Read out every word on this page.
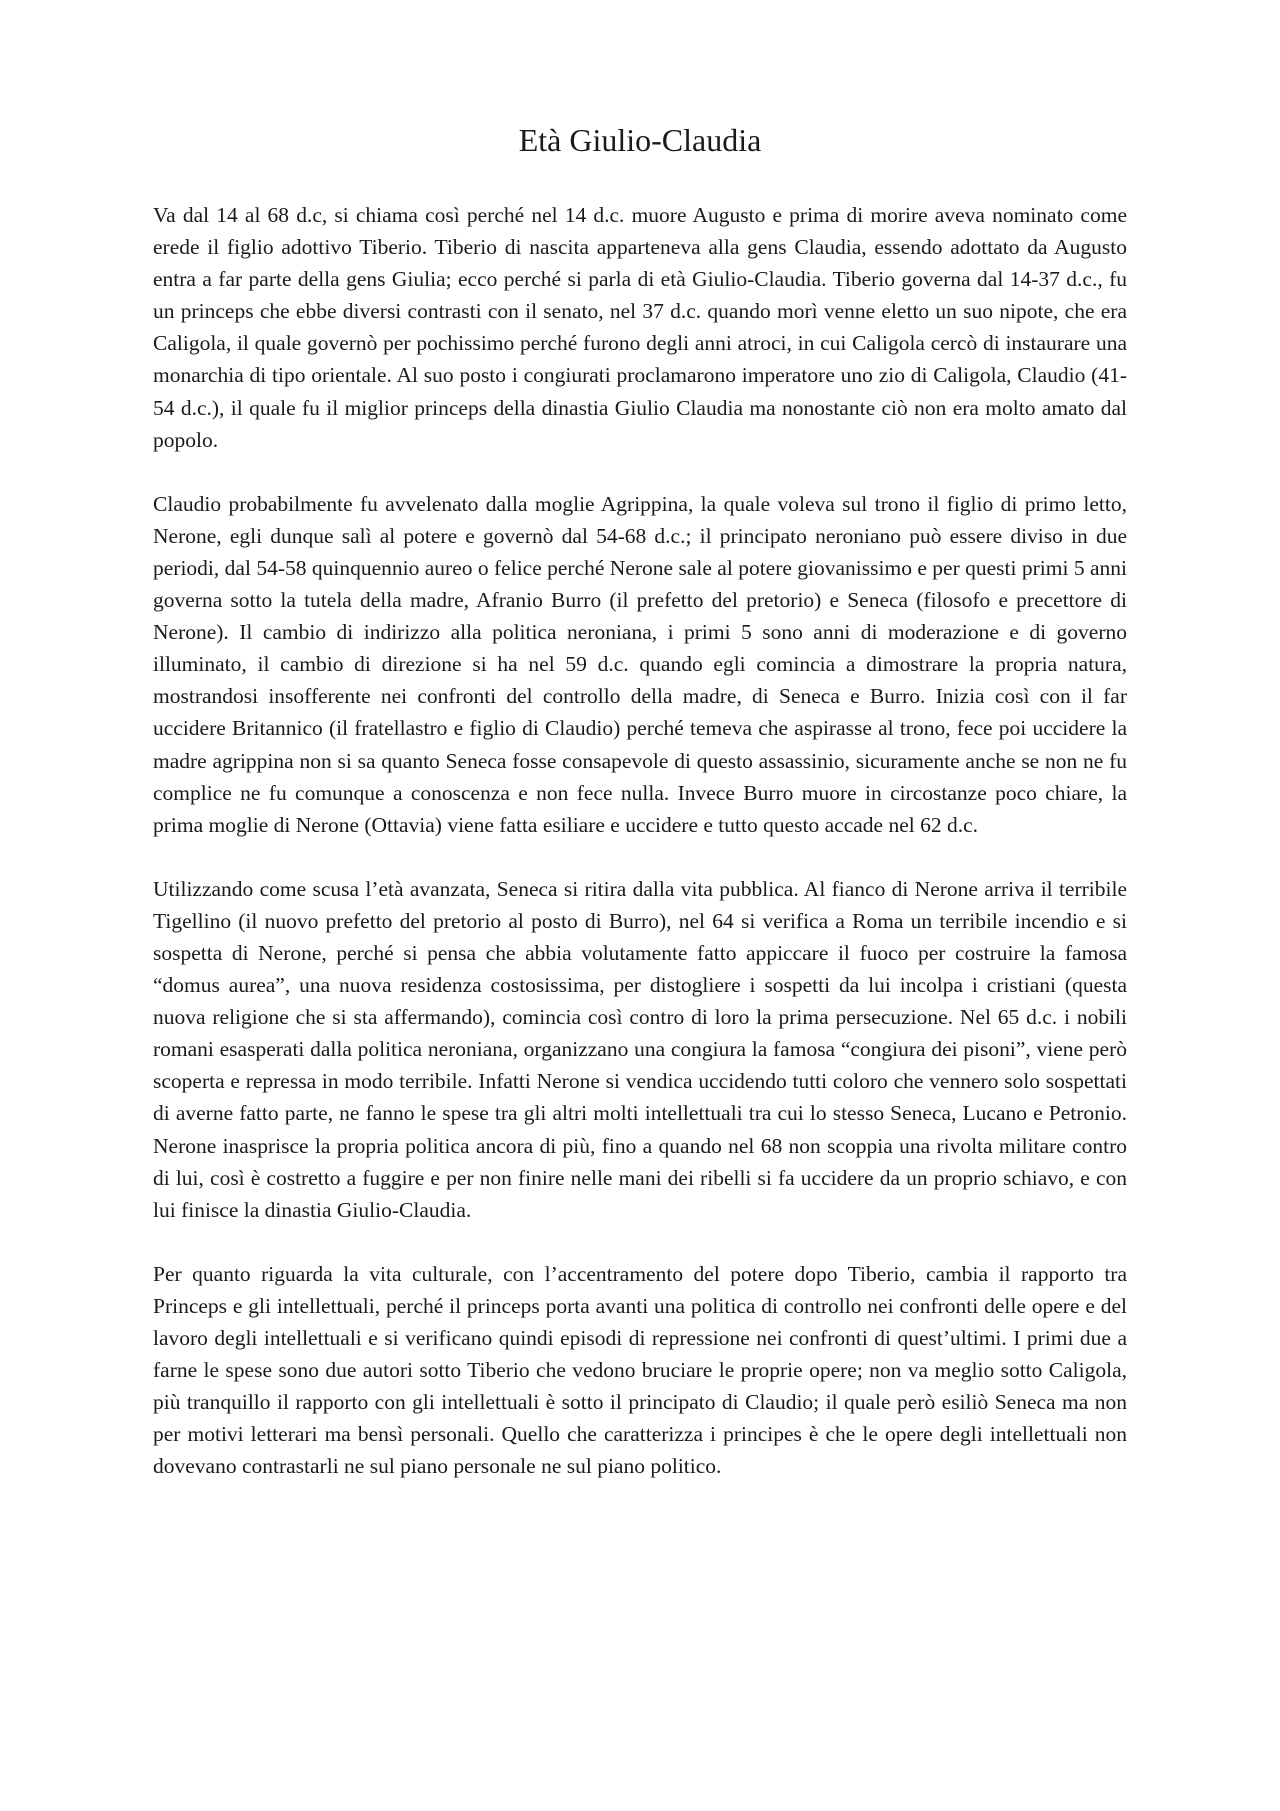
Età Giulio-Claudia

Va dal 14 al 68 d.c, si chiama così perché nel 14 d.c. muore Augusto e prima di morire aveva nominato come erede il figlio adottivo Tiberio. Tiberio di nascita apparteneva alla gens Claudia, essendo adottato da Augusto entra a far parte della gens Giulia; ecco perché si parla di età Giulio-Claudia. Tiberio governa dal 14-37 d.c., fu un princeps che ebbe diversi contrasti con il senato, nel 37 d.c. quando morì venne eletto un suo nipote, che era Caligola, il quale governò per pochissimo perché furono degli anni atroci, in cui Caligola cercò di instaurare una monarchia di tipo orientale. Al suo posto i congiurati proclamarono imperatore uno zio di Caligola, Claudio (41-54 d.c.), il quale fu il miglior princeps della dinastia Giulio Claudia ma nonostante ciò non era molto amato dal popolo.

Claudio probabilmente fu avvelenato dalla moglie Agrippina, la quale voleva sul trono il figlio di primo letto, Nerone, egli dunque salì al potere e governò dal 54-68 d.c.; il principato neroniano può essere diviso in due periodi, dal 54-58 quinquennio aureo o felice perché Nerone sale al potere giovanissimo e per questi primi 5 anni governa sotto la tutela della madre, Afranio Burro (il prefetto del pretorio) e Seneca (filosofo e precettore di Nerone). Il cambio di indirizzo alla politica neroniana, i primi 5 sono anni di moderazione e di governo illuminato, il cambio di direzione si ha nel 59 d.c. quando egli comincia a dimostrare la propria natura, mostrandosi insofferente nei confronti del controllo della madre, di Seneca e Burro. Inizia così con il far uccidere Britannico (il fratellastro e figlio di Claudio) perché temeva che aspirasse al trono, fece poi uccidere la madre agrippina non si sa quanto Seneca fosse consapevole di questo assassinio, sicuramente anche se non ne fu complice ne fu comunque a conoscenza e non fece nulla. Invece Burro muore in circostanze poco chiare, la prima moglie di Nerone (Ottavia) viene fatta esiliare e uccidere e tutto questo accade nel 62 d.c.

Utilizzando come scusa l’età avanzata, Seneca si ritira dalla vita pubblica. Al fianco di Nerone arriva il terribile Tigellino (il nuovo prefetto del pretorio al posto di Burro), nel 64 si verifica a Roma un terribile incendio e si sospetta di Nerone, perché si pensa che abbia volutamente fatto appiccare il fuoco per costruire la famosa “domus aurea”, una nuova residenza costosissima, per distogliere i sospetti da lui incolpa i cristiani (questa nuova religione che si sta affermando), comincia così contro di loro la prima persecuzione. Nel 65 d.c. i nobili romani esasperati dalla politica neroniana, organizzano una congiura la famosa “congiura dei pisoni”, viene però scoperta e repressa in modo terribile. Infatti Nerone si vendica uccidendo tutti coloro che vennero solo sospettati di averne fatto parte, ne fanno le spese tra gli altri molti intellettuali tra cui lo stesso Seneca, Lucano e Petronio. Nerone inasprisce la propria politica ancora di più, fino a quando nel 68 non scoppia una rivolta militare contro di lui, così è costretto a fuggire e per non finire nelle mani dei ribelli si fa uccidere da un proprio schiavo, e con lui finisce la dinastia Giulio-Claudia.

Per quanto riguarda la vita culturale, con l’accentramento del potere dopo Tiberio, cambia il rapporto tra Princeps e gli intellettuali, perché il princeps porta avanti una politica di controllo nei confronti delle opere e del lavoro degli intellettuali e si verificano quindi episodi di repressione nei confronti di quest’ultimi. I primi due a farne le spese sono due autori sotto Tiberio che vedono bruciare le proprie opere; non va meglio sotto Caligola, più tranquillo il rapporto con gli intellettuali è sotto il principato di Claudio; il quale però esiliò Seneca ma non per motivi letterari ma bensì personali. Quello che caratterizza i principes è che le opere degli intellettuali non dovevano contrastarli ne sul piano personale ne sul piano politico.
